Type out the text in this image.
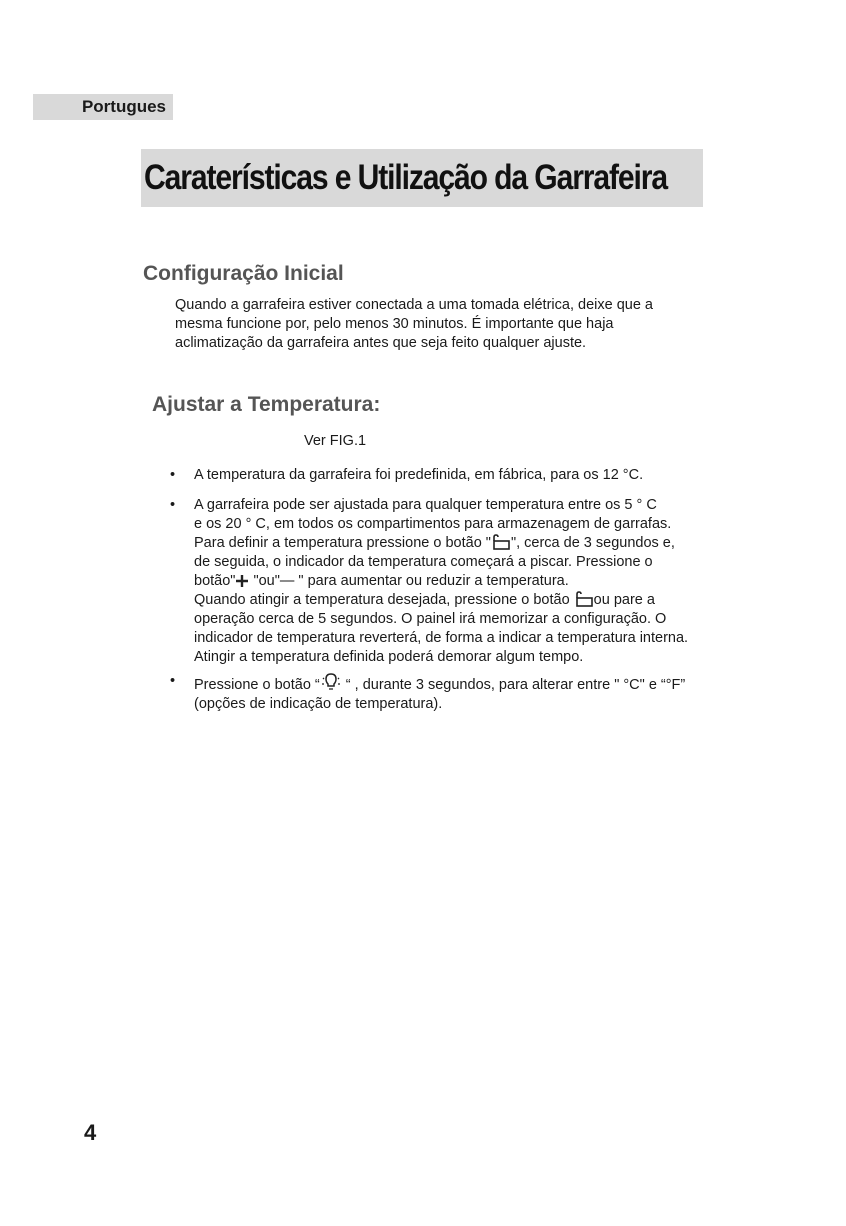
Portugues
Caraterísticas e Utilização da Garrafeira
Configuração Inicial

Quando a garrafeira estiver conectada a uma tomada elétrica, deixe que a

mesma funcione por, pelo menos 30 minutos. É importante que haja

aclimatização da garrafeira antes que seja feito qualquer ajuste.

Ajustar a Temperatura:
Ver FIG.1
•	A temperatura da garrafeira foi predefinida, em fábrica, para os 12 °C.

•	A garrafeira pode ser ajustada para qualquer temperatura entre os 5 ° C

e os 20 ° C, em todos os compartimentos para armazenagem de garrafas.

Para definir a temperatura pressione o botão " ", cerca de 3 segundos e,

de seguida, o indicador da temperatura começará a piscar. Pressione o

botão" "ou"— " para aumentar ou reduzir a temperatura.

Quando atingir a temperatura desejada, pressione o botão ou pare a

operação cerca de 5 segundos. O painel irá memorizar a configuração. O

indicador de temperatura reverterá, de forma a indicar a temperatura interna.

Atingir a temperatura definida poderá demorar algum tempo.

•	Pressione o botão “ “ , durante 3 segundos, para alterar entre " °C" e “°F”

(opções de indicação de temperatura).

4
